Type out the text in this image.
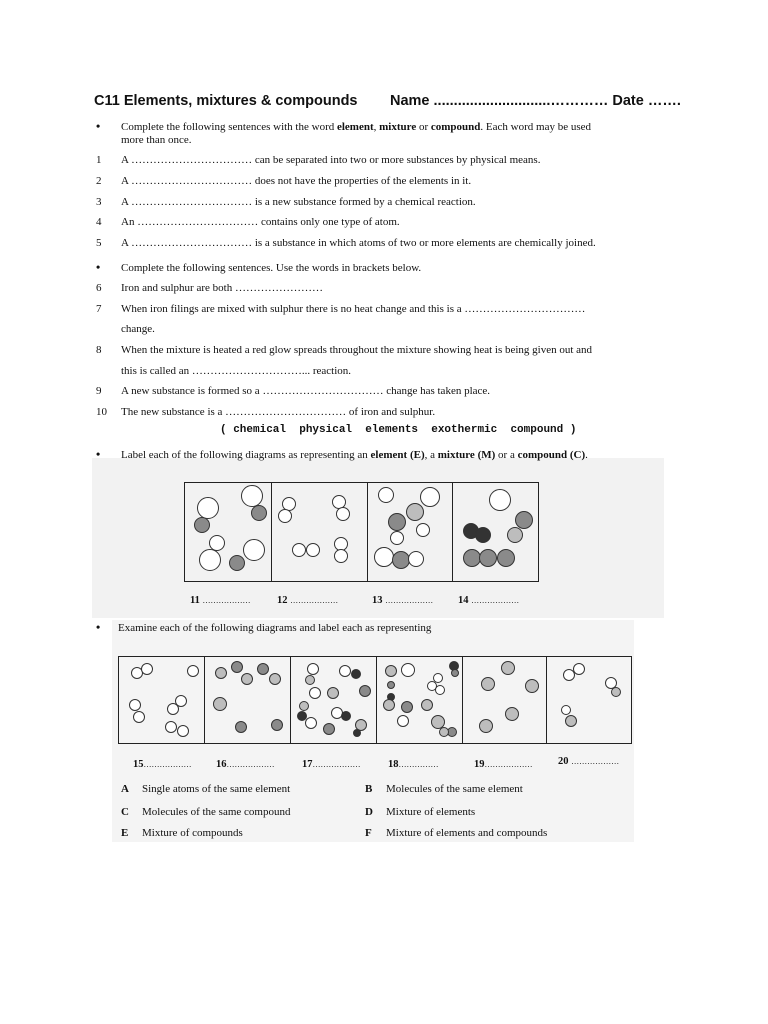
C11 Elements, mixtures & compounds Name .............................………… Date …….
• Complete the following sentences with the word element, mixture or compound. Each word may be used
more than once.
1 A …………………………… can be separated into two or more substances by physical means.
2 A …………………………… does not have the properties of the elements in it.
3 A …………………………… is a new substance formed by a chemical reaction.
4 An …………………………… contains only one type of atom.
5 A …………………………… is a substance in which atoms of two or more elements are chemically joined.
• Complete the following sentences. Use the words in brackets below.
6 Iron and sulphur are both ……………………
7 When iron filings are mixed with sulphur there is no heat change and this is a ……………………………
change.
8 When the mixture is heated a red glow spreads throughout the mixture showing heat is being given out and
this is called an …………………………... reaction.
9 A new substance is formed so a …………………………… change has taken place.
10 The new substance is a …………………………… of iron and sulphur.
( chemical  physical  elements  exothermic  compound )
• Label each of the following diagrams as representing an element (E), a mixture (M) or a compound (C).
11 ………………	12 ………………	13 ……………… 14 ………………
• Examine each of the following diagrams and label each as representing
15……………… 16………………	17………………	18……………	19……………… 20 ………………
A Single atoms of the same element	B Molecules of the same element
C Molecules of the same compound	D Mixture of elements
E Mixture of compounds	F Mixture of elements and compounds
